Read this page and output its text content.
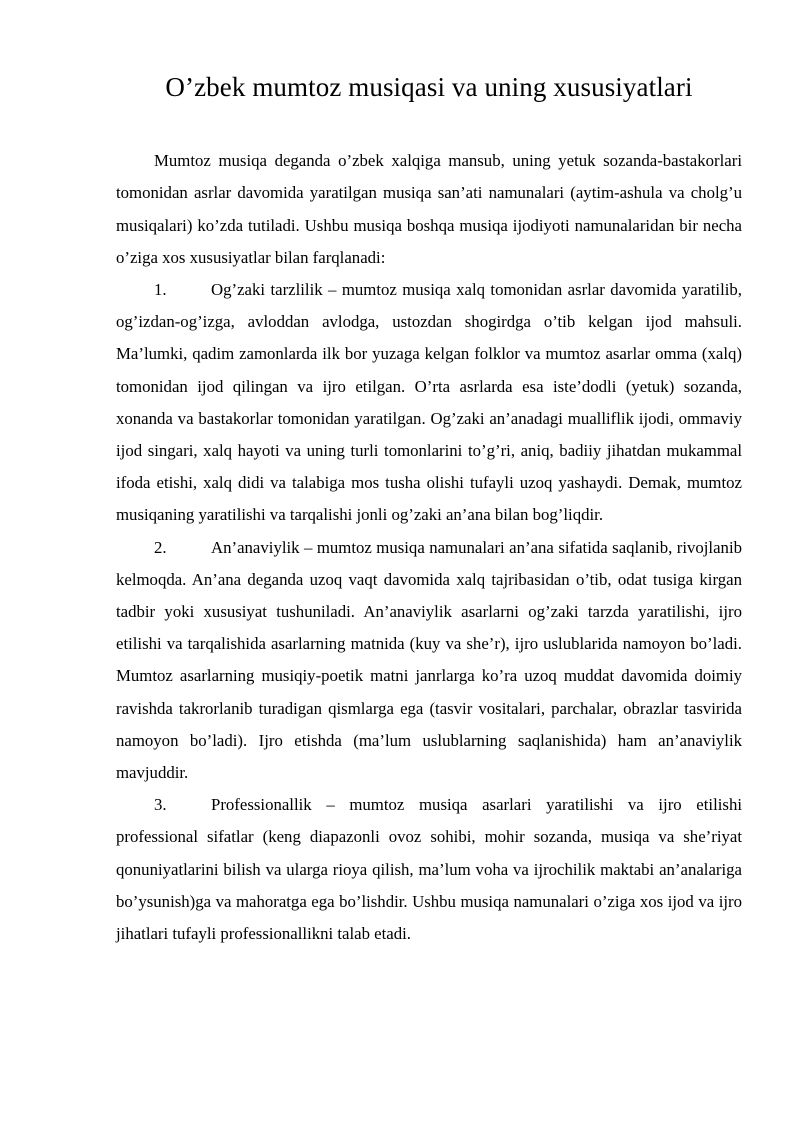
O’zbek mumtoz musiqasi va uning xususiyatlari

Mumtoz musiqa deganda o’zbek xalqiga mansub, uning yetuk sozanda-bastakorlari tomonidan asrlar davomida yaratilgan musiqa san’ati namunalari (aytim-ashula va cholg’u musiqalari) ko’zda tutiladi. Ushbu musiqa boshqa musiqa ijodiyoti namunalaridan bir necha o’ziga xos xususiyatlar bilan farqlanadi:

1.	Og’zaki tarzlilik – mumtoz musiqa xalq tomonidan asrlar davomida yaratilib, og’izdan-og’izga, avloddan avlodga, ustozdan shogirdga o’tib kelgan ijod mahsuli. Ma’lumki, qadim zamonlarda ilk bor yuzaga kelgan folklor va mumtoz asarlar omma (xalq) tomonidan ijod qilingan va ijro etilgan. O’rta asrlarda esa iste’dodli (yetuk) sozanda, xonanda va bastakorlar tomonidan yaratilgan. Og’zaki an’anadagi mualliflik ijodi, ommaviy ijod singari, xalq hayoti va uning turli tomonlarini to’g’ri, aniq, badiiy jihatdan mukammal ifoda etishi, xalq didi va talabiga mos tusha olishi tufayli uzoq yashaydi. Demak, mumtoz musiqaning yaratilishi va tarqalishi jonli og’zaki an’ana bilan bog’liqdir.

2.	An’anaviylik – mumtoz musiqa namunalari an’ana sifatida saqlanib, rivojlanib kelmoqda. An’ana deganda uzoq vaqt davomida xalq tajribasidan o’tib, odat tusiga kirgan tadbir yoki xususiyat tushuniladi. An’anaviylik asarlarni og’zaki tarzda yaratilishi, ijro etilishi va tarqalishida asarlarning matnida (kuy va she’r), ijro uslublarida namoyon bo’ladi. Mumtoz asarlarning musiqiy-poetik matni janrlarga ko’ra uzoq muddat davomida doimiy ravishda takrorlanib turadigan qismlarga ega (tasvir vositalari, parchalar, obrazlar tasvirida namoyon bo’ladi). Ijro etishda (ma’lum uslublarning saqlanishida) ham an’anaviylik mavjuddir.

3.	Professionallik – mumtoz musiqa asarlari yaratilishi va ijro etilishi professional sifatlar (keng diapazonli ovoz sohibi, mohir sozanda, musiqa va she’riyat qonuniyatlarini bilish va ularga rioya qilish, ma’lum voha va ijrochilik maktabi an’analariga bo’ysunish)ga va mahoratga ega bo’lishdir. Ushbu musiqa namunalari o’ziga xos ijod va ijro jihatlari tufayli professionallikni talab etadi.
